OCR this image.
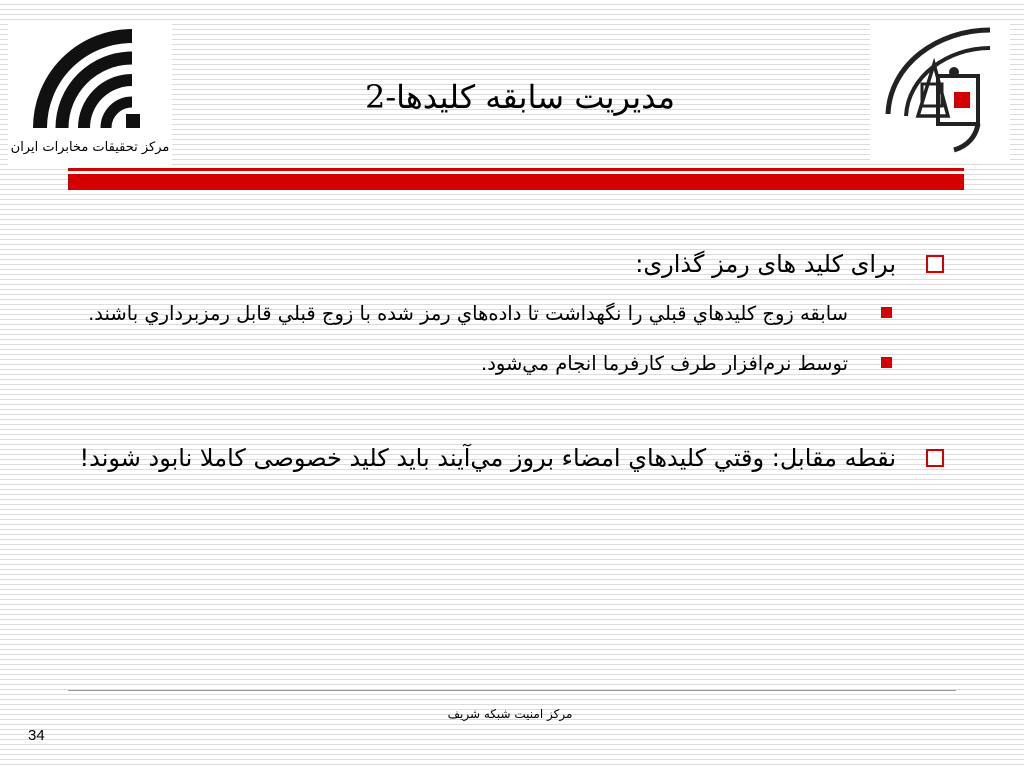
مرکز تحقیقات مخابرات ایران
مديريت سابقه کليدها-2
برای کلید های رمز گذاری:
سابقه زوج کليدهاي قبلي را نگهداشت تا داده‌هاي رمز شده با زوج قبلي قابل رمزبرداري باشند.
توسط نرم‌افزار طرف کارفرما انجام مي‌شود.
نقطه مقابل: وقتي کليدهاي امضاء بروز مي‌آيند بايد کليد خصوصی کاملا نابود شوند!
مرکز امنیت شبکه شریف
34
